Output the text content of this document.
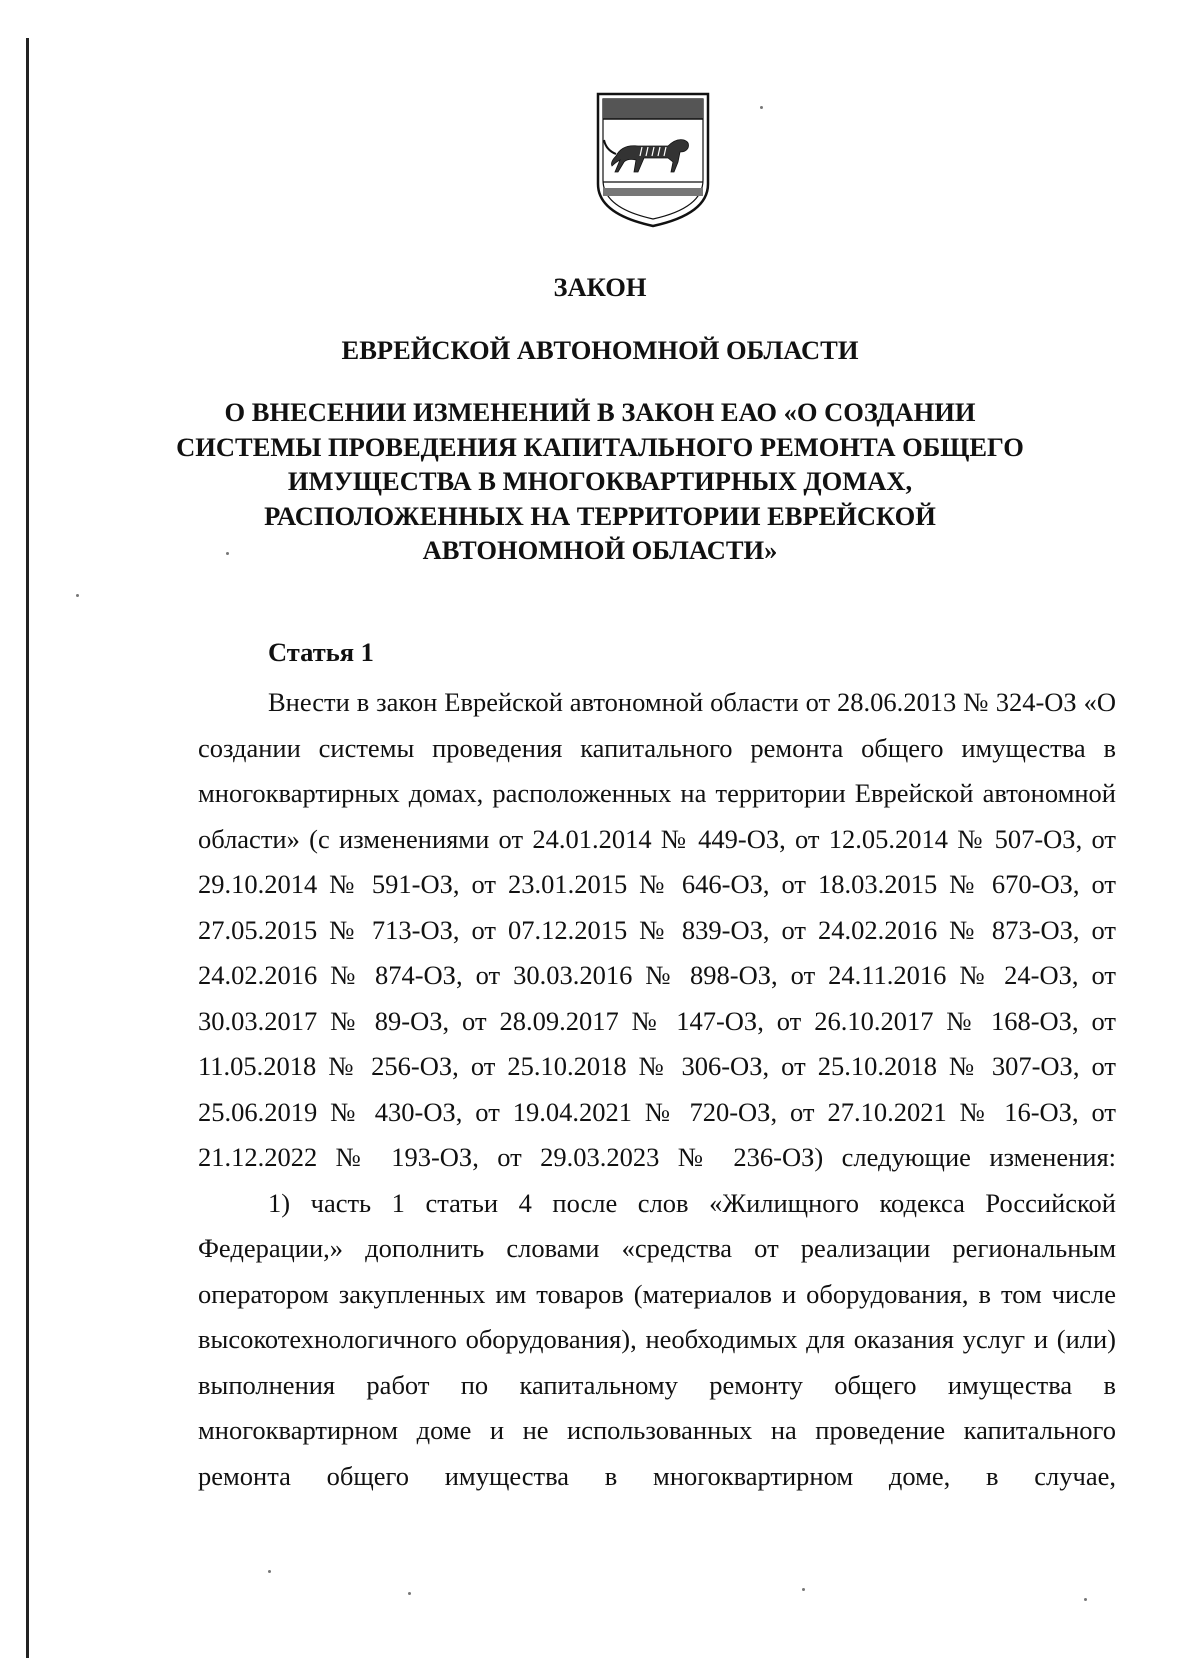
ЗАКОН

ЕВРЕЙСКОЙ АВТОНОМНОЙ ОБЛАСТИ

О ВНЕСЕНИИ ИЗМЕНЕНИЙ В ЗАКОН ЕАО «О СОЗДАНИИ
СИСТЕМЫ ПРОВЕДЕНИЯ КАПИТАЛЬНОГО РЕМОНТА ОБЩЕГО
ИМУЩЕСТВА В МНОГОКВАРТИРНЫХ ДОМАХ,
РАСПОЛОЖЕННЫХ НА ТЕРРИТОРИИ ЕВРЕЙСКОЙ
АВТОНОМНОЙ ОБЛАСТИ»

Статья 1

Внести в закон Еврейской автономной области от 28.06.2013 № 324-ОЗ «О создании системы проведения капитального ремонта общего имущества в многоквартирных домах, расположенных на территории Еврейской автономной области» (с изменениями от 24.01.2014 № 449-ОЗ, от 12.05.2014 № 507-ОЗ, от 29.10.2014 № 591-ОЗ, от 23.01.2015 № 646-ОЗ, от 18.03.2015 № 670-ОЗ, от 27.05.2015 № 713-ОЗ, от 07.12.2015 № 839-ОЗ, от 24.02.2016 № 873-ОЗ, от 24.02.2016 № 874-ОЗ, от 30.03.2016 № 898-ОЗ, от 24.11.2016 № 24-ОЗ, от 30.03.2017 № 89-ОЗ, от 28.09.2017 № 147-ОЗ, от 26.10.2017 № 168-ОЗ, от 11.05.2018 № 256-ОЗ, от 25.10.2018 № 306-ОЗ, от 25.10.2018 № 307-ОЗ, от 25.06.2019 № 430-ОЗ, от 19.04.2021 № 720-ОЗ, от 27.10.2021 № 16-ОЗ, от 21.12.2022 № 193-ОЗ, от 29.03.2023 № 236-ОЗ) следующие изменения:

1) часть 1 статьи 4 после слов «Жилищного кодекса Российской Федерации,» дополнить словами «средства от реализации региональным оператором закупленных им товаров (материалов и оборудования, в том числе высокотехнологичного оборудования), необходимых для оказания услуг и (или) выполнения работ по капитальному ремонту общего имущества в многоквартирном доме и не использованных на проведение капитального ремонта общего имущества в многоквартирном доме, в случае,
